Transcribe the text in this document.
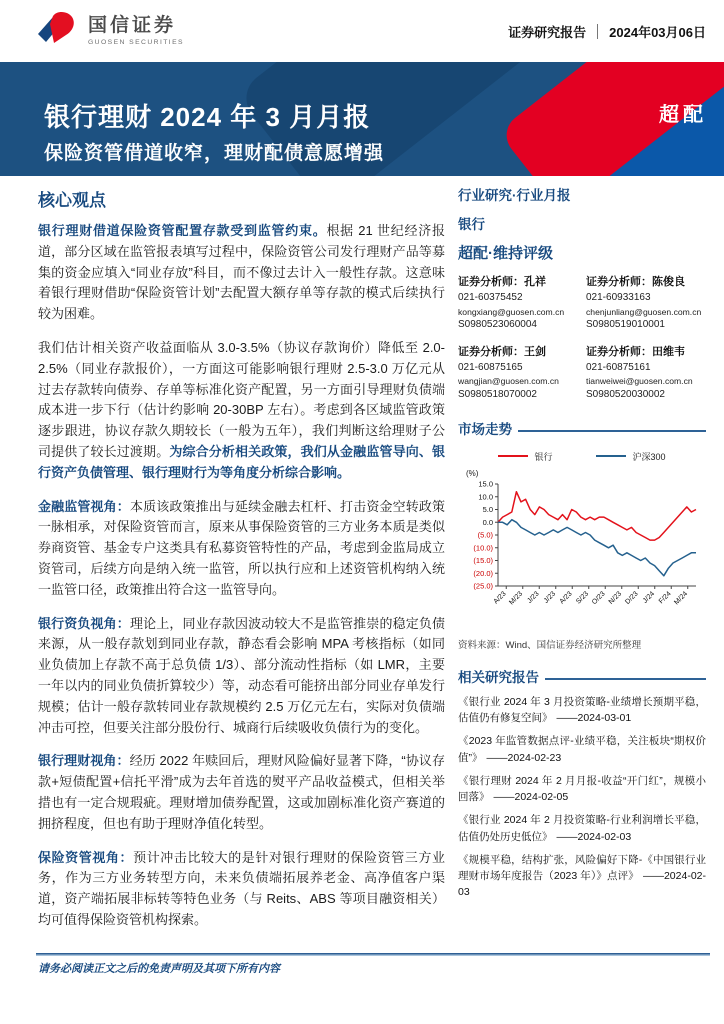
国信证券
GUOSEN SECURITIES
证券研究报告 2024年03月06日
银行理财 2024 年 3 月月报
保险资管借道收窄，理财配债意愿增强
超配
核心观点

银行理财借道保险资管配置存款受到监管约束。根据 21 世纪经济报道，部分区域在监管报表填写过程中，保险资管公司发行理财产品等募集的资金应填入“同业存放”科目，而不像过去计入一般性存款。这意味着银行理财借助“保险资管计划”去配置大额存单等存款的模式后续执行较为困难。

我们估计相关资产收益面临从 3.0-3.5%（协议存款询价）降低至 2.0-2.5%（同业存款报价），一方面这可能影响银行理财 2.5-3.0 万亿元从过去存款转向债券、存单等标准化资产配置，另一方面引导理财负债端成本进一步下行（估计约影响 20-30BP 左右）。考虑到各区域监管政策逐步跟进，协议存款久期较长（一般为五年），我们判断这给理财子公司提供了较长过渡期。为综合分析相关政策，我们从金融监管导向、银行资产负债管理、银行理财行为等角度分析综合影响。

金融监管视角：本质该政策推出与延续金融去杠杆、打击资金空转政策一脉相承，对保险资管而言，原来从事保险资管的三方业务本质是类似券商资管、基金专户这类具有私募资管特性的产品，考虑到金监局成立资管司，后续方向是纳入统一监管，所以执行应和上述资管机构纳入统一监管口径，政策推出符合这一监管导向。

银行资负视角：理论上，同业存款因波动较大不是监管推崇的稳定负债来源，从一般存款划到同业存款，静态看会影响 MPA 考核指标（如同业负债加上存款不高于总负债 1/3）、部分流动性指标（如 LMR，主要一年以内的同业负债折算较少）等，动态看可能挤出部分同业存单发行规模；估计一般存款转同业存款规模约 2.5 万亿元左右，实际对负债端冲击可控，但要关注部分股份行、城商行后续吸收负债行为的变化。

银行理财视角：经历 2022 年赎回后，理财风险偏好显著下降，“协议存款+短债配置+信托平滑”成为去年首选的熨平产品收益模式，但相关举措也有一定合规瑕疵。理财增加债券配置，这或加剧标准化资产赛道的拥挤程度，但也有助于理财净值化转型。

保险资管视角：预计冲击比较大的是针对银行理财的保险资管三方业务，作为三方业务转型方向，未来负债端拓展养老金、高净值客户渠道，资产端拓展非标转等特色业务（与 Reits、ABS 等项目融资相关）均可值得保险资管机构探索。

行业研究·行业月报
银行
超配·维持评级
证券分析师：孔祥
021-60375452
kongxiang@guosen.com.cn
S0980523060004
证券分析师：陈俊良
021-60933163
chenjunliang@guosen.com.cn
S0980519010001
证券分析师：王剑
021-60875165
wangjian@guosen.com.cn
S0980518070002
证券分析师：田维韦
021-60875161
tianweiwei@guosen.com.cn
S0980520030002
市场走势
银行	沪深300
(%)
15.0
10.0
5.0
0.0
(5.0)
(10.0)
(15.0)
(20.0)
(25.0)
A/23 M/23 J/23 J/23 A/23 S/23 O/23 N/23 D/23 J/24 F/24 M/24
资料来源：Wind、国信证券经济研究所整理
相关研究报告

《银行业 2024 年 3 月投资策略-业绩增长预期平稳，估值仍有修复空间》 ——2024-03-01

《2023 年监管数据点评-业绩平稳，关注板块“期权价值”》 ——2024-02-23

《银行理财 2024 年 2 月月报-收益“开门红”，规模小回落》 ——2024-02-05

《银行业 2024 年 2 月投资策略-行业利润增长平稳，估值仍处历史低位》 ——2024-02-03

《规模平稳，结构扩张，风险偏好下降-《中国银行业理财市场年度报告（2023 年）》点评》 ——2024-02-03

请务必阅读正文之后的免责声明及其项下所有内容
